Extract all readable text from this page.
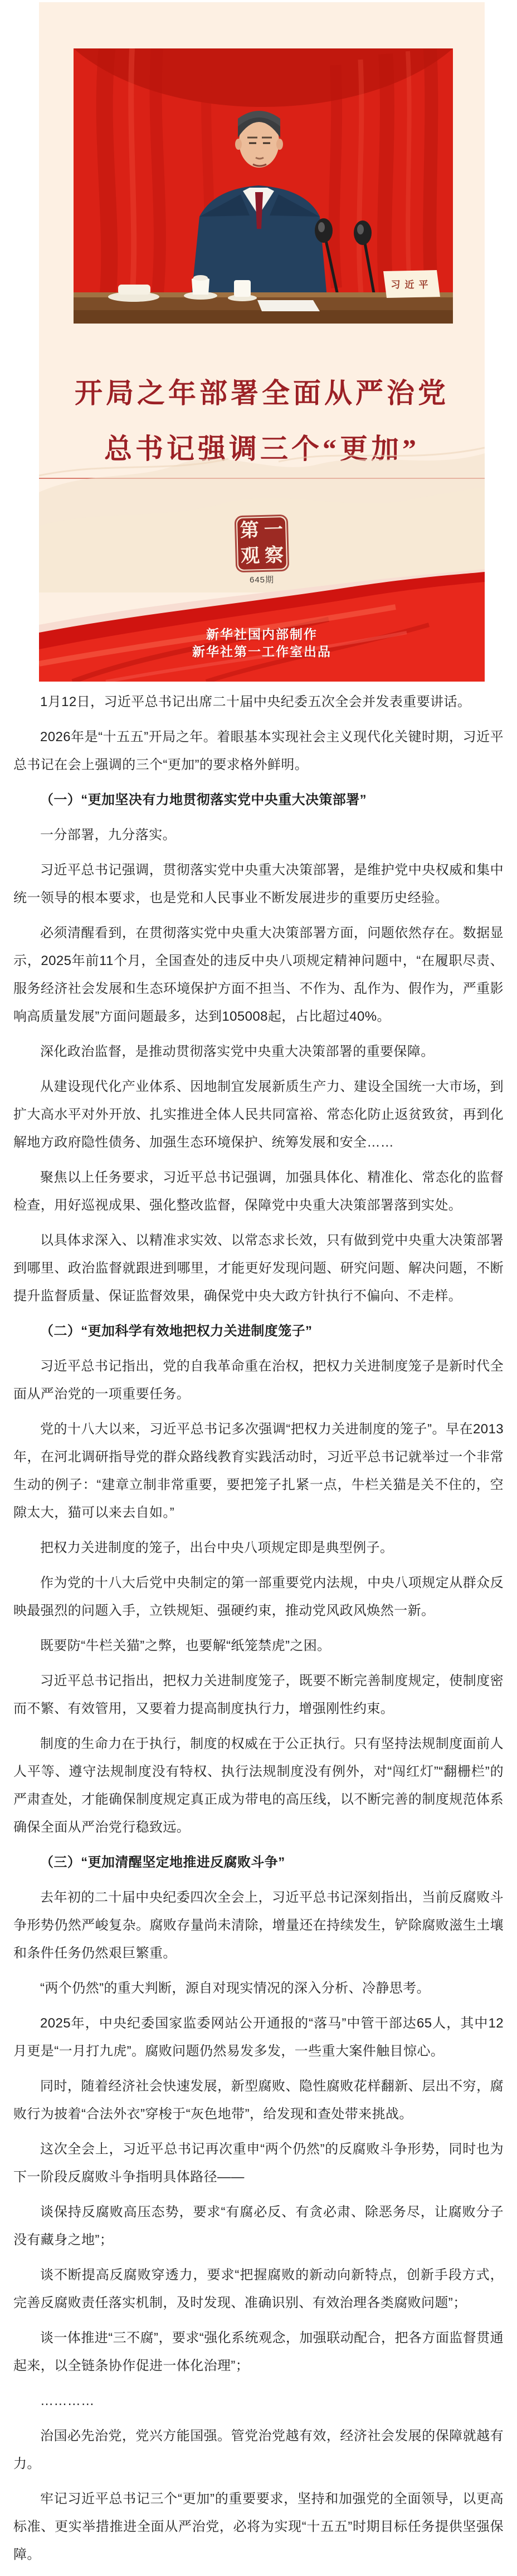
习近平
开局之年部署全面从严治党
总书记强调三个“更加”
第 一
观 察
645期
新华社国内部制作
新华社第一工作室出品

1月12日，习近平总书记出席二十届中央纪委五次全会并发表重要讲话。

2026年是“十五五”开局之年。着眼基本实现社会主义现代化关键时期，习近平总书记在会上强调的三个“更加”的要求格外鲜明。

（一）“更加坚决有力地贯彻落实党中央重大决策部署”

一分部署，九分落实。

习近平总书记强调，贯彻落实党中央重大决策部署，是维护党中央权威和集中统一领导的根本要求，也是党和人民事业不断发展进步的重要历史经验。

必须清醒看到，在贯彻落实党中央重大决策部署方面，问题依然存在。数据显示，2025年前11个月，全国查处的违反中央八项规定精神问题中，“在履职尽责、服务经济社会发展和生态环境保护方面不担当、不作为、乱作为、假作为，严重影响高质量发展”方面问题最多，达到105008起，占比超过40%。

深化政治监督，是推动贯彻落实党中央重大决策部署的重要保障。

从建设现代化产业体系、因地制宜发展新质生产力、建设全国统一大市场，到扩大高水平对外开放、扎实推进全体人民共同富裕、常态化防止返贫致贫，再到化解地方政府隐性债务、加强生态环境保护、统筹发展和安全……

聚焦以上任务要求，习近平总书记强调，加强具体化、精准化、常态化的监督检查，用好巡视成果、强化整改监督，保障党中央重大决策部署落到实处。

以具体求深入、以精准求实效、以常态求长效，只有做到党中央重大决策部署到哪里、政治监督就跟进到哪里，才能更好发现问题、研究问题、解决问题，不断提升监督质量、保证监督效果，确保党中央大政方针执行不偏向、不走样。

（二）“更加科学有效地把权力关进制度笼子”

习近平总书记指出，党的自我革命重在治权，把权力关进制度笼子是新时代全面从严治党的一项重要任务。

党的十八大以来，习近平总书记多次强调“把权力关进制度的笼子”。早在2013年，在河北调研指导党的群众路线教育实践活动时，习近平总书记就举过一个非常生动的例子：“建章立制非常重要，要把笼子扎紧一点，牛栏关猫是关不住的，空隙太大，猫可以来去自如。”

把权力关进制度的笼子，出台中央八项规定即是典型例子。

作为党的十八大后党中央制定的第一部重要党内法规，中央八项规定从群众反映最强烈的问题入手，立铁规矩、强硬约束，推动党风政风焕然一新。

既要防“牛栏关猫”之弊，也要解“纸笼禁虎”之困。

习近平总书记指出，把权力关进制度笼子，既要不断完善制度规定，使制度密而不繁、有效管用，又要着力提高制度执行力，增强刚性约束。

制度的生命力在于执行，制度的权威在于公正执行。只有坚持法规制度面前人人平等、遵守法规制度没有特权、执行法规制度没有例外，对“闯红灯”“翻栅栏”的严肃查处，才能确保制度规定真正成为带电的高压线，以不断完善的制度规范体系确保全面从严治党行稳致远。

（三）“更加清醒坚定地推进反腐败斗争”

去年初的二十届中央纪委四次全会上，习近平总书记深刻指出，当前反腐败斗争形势仍然严峻复杂。腐败存量尚未清除，增量还在持续发生，铲除腐败滋生土壤和条件任务仍然艰巨繁重。

“两个仍然”的重大判断，源自对现实情况的深入分析、冷静思考。

2025年，中央纪委国家监委网站公开通报的“落马”中管干部达65人，其中12月更是“一月打九虎”。腐败问题仍然易发多发，一些重大案件触目惊心。

同时，随着经济社会快速发展，新型腐败、隐性腐败花样翻新、层出不穷，腐败行为披着“合法外衣”穿梭于“灰色地带”，给发现和查处带来挑战。

这次全会上，习近平总书记再次重申“两个仍然”的反腐败斗争形势，同时也为下一阶段反腐败斗争指明具体路径——

谈保持反腐败高压态势，要求“有腐必反、有贪必肃、除恶务尽，让腐败分子没有藏身之地”；

谈不断提高反腐败穿透力，要求“把握腐败的新动向新特点，创新手段方式，完善反腐败责任落实机制，及时发现、准确识别、有效治理各类腐败问题”；

谈一体推进“三不腐”，要求“强化系统观念，加强联动配合，把各方面监督贯通起来，以全链条协作促进一体化治理”；

…………

治国必先治党，党兴方能国强。管党治党越有效，经济社会发展的保障就越有力。

牢记习近平总书记三个“更加”的重要要求，坚持和加强党的全面领导，以更高标准、更实举措推进全面从严治党，必将为实现“十五五”时期目标任务提供坚强保障。
